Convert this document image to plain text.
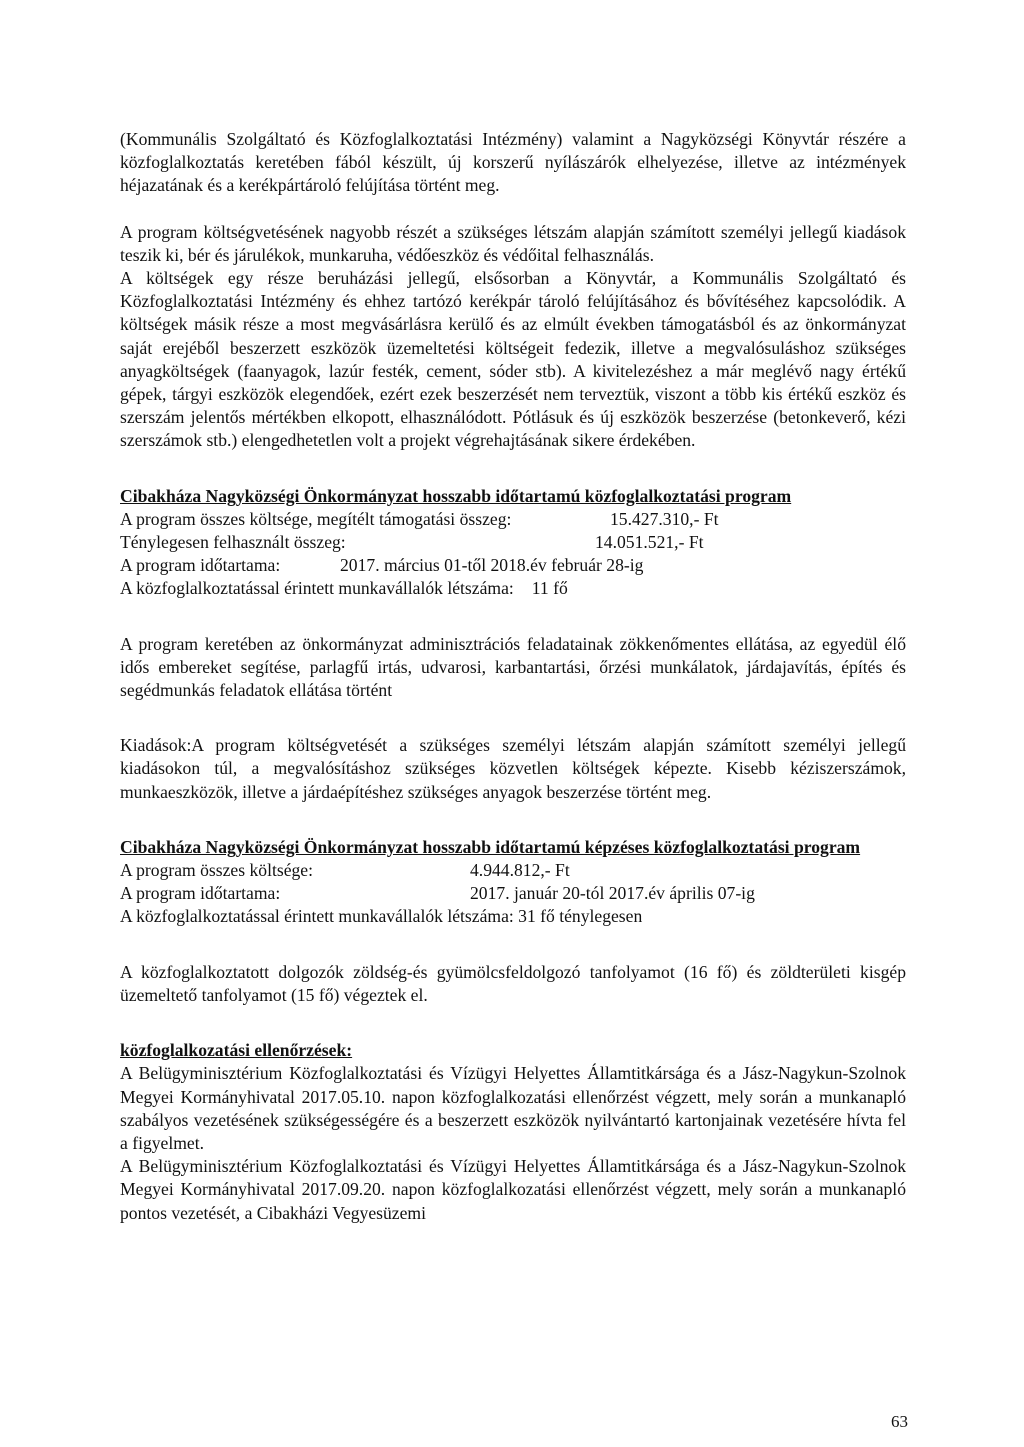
(Kommunális Szolgáltató és Közfoglalkoztatási Intézmény) valamint a Nagyközségi Könyvtár részére a közfoglalkoztatás keretében fából készült, új korszerű nyílászárók elhelyezése, illetve az intézmények héjazatának és a kerékpártároló felújítása történt meg.

A program költségvetésének nagyobb részét a szükséges létszám alapján számított személyi jellegű kiadások teszik ki, bér és járulékok, munkaruha, védőeszköz és védőital felhasználás.

A költségek egy része beruházási jellegű, elsősorban a Könyvtár, a Kommunális Szolgáltató és Közfoglalkoztatási Intézmény és ehhez tartózó kerékpár tároló felújításához és bővítéséhez kapcsolódik. A költségek másik része a most megvásárlásra kerülő és az elmúlt években támogatásból és az önkormányzat saját erejéből beszerzett eszközök üzemeltetési költségeit fedezik, illetve a megvalósuláshoz szükséges anyagköltségek (faanyagok, lazúr festék, cement, sóder stb). A kivitelezéshez a már meglévő nagy értékű gépek, tárgyi eszközök elegendőek, ezért ezek beszerzését nem terveztük, viszont a több kis értékű eszköz és szerszám jelentős mértékben elkopott, elhasználódott. Pótlásuk és új eszközök beszerzése (betonkeverő, kézi szerszámok stb.) elengedhetetlen volt a projekt végrehajtásának sikere érdekében.

Cibakháza Nagyközségi Önkormányzat hosszabb időtartamú közfoglalkoztatási program

A program összes költsége, megítélt támogatási összeg:	15.427.310,- Ft
Ténylegesen felhasznált összeg:	14.051.521,- Ft
A program időtartama:	2017. március 01-től 2018.év február 28-ig
A közfoglalkoztatással érintett munkavállalók létszáma: 11 fő

A program keretében az önkormányzat adminisztrációs feladatainak zökkenőmentes ellátása, az egyedül élő idős embereket segítése, parlagfű irtás, udvarosi, karbantartási, őrzési munkálatok, járdajavítás, építés és segédmunkás feladatok ellátása történt

Kiadások:A program költségvetését a szükséges személyi létszám alapján számított személyi jellegű kiadásokon túl, a megvalósításhoz szükséges közvetlen költségek képezte. Kisebb kéziszerszámok, munkaeszközök, illetve a járdaépítéshez szükséges anyagok beszerzése történt meg.

Cibakháza Nagyközségi Önkormányzat hosszabb időtartamú képzéses közfoglalkoztatási program

A program összes költsége:	4.944.812,- Ft
A program időtartama:	2017. január 20-tól 2017.év április 07-ig

A közfoglalkoztatással érintett munkavállalók létszáma: 31 fő ténylegesen

A közfoglalkoztatott dolgozók zöldség-és gyümölcsfeldolgozó tanfolyamot (16 fő) és zöldterületi kisgép üzemeltető tanfolyamot (15 fő) végeztek el.

közfoglalkozatási ellenőrzések:

A Belügyminisztérium Közfoglalkoztatási és Vízügyi Helyettes Államtitkársága és a Jász-Nagykun-Szolnok Megyei Kormányhivatal 2017.05.10. napon közfoglalkozatási ellenőrzést végzett, mely során a munkanapló szabályos vezetésének szükségességére és a beszerzett eszközök nyilvántartó kartonjainak vezetésére hívta fel a figyelmet.

A Belügyminisztérium Közfoglalkoztatási és Vízügyi Helyettes Államtitkársága és a Jász-Nagykun-Szolnok Megyei Kormányhivatal 2017.09.20. napon közfoglalkozatási ellenőrzést végzett, mely során a munkanapló pontos vezetését, a Cibakházi Vegyesüzemi

63
